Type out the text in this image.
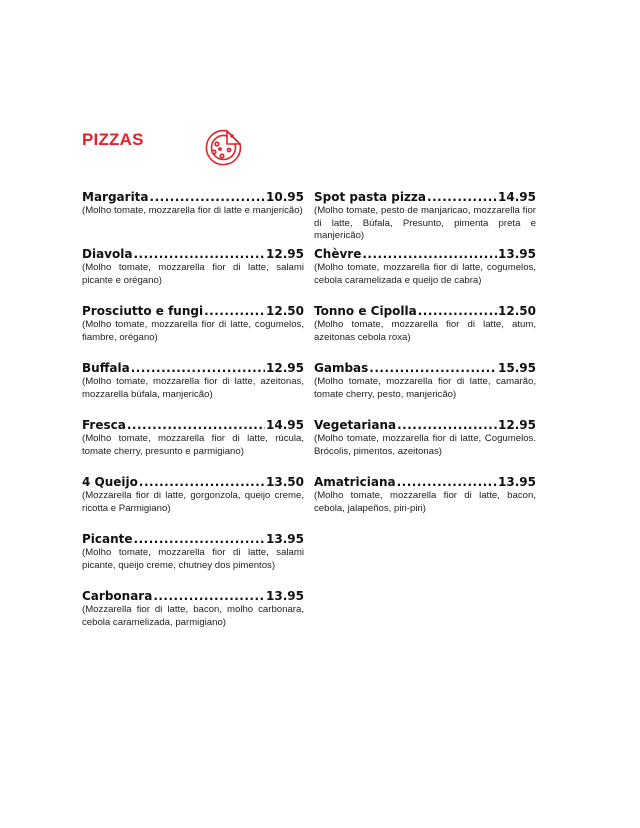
PIZZAS
Margarita .....	10.95
(Molho tomate, mozzarella fior di latte e manjericão)
Diavola .....	12.95
(Molho tomate, mozzarella fior di latte, salami picante e orégano)
Prosciutto e fungi .....	12.50
(Molho tomate, mozzarella fior di latte, cogumelos, fiambre, orégano)
Buffala .....	12.95
(Molho tomate, mozzarella fior di latte, azeitonas, mozzarella búfala, manjericão)
Fresca .....	14.95
(Molho tomate, mozzarella fior di latte, rúcula, tomate cherry, presunto e parmigiano)
4 Queijo .....	13.50
(Mozzarella fior di latte, gorgonzola, queijo creme, ricotta e Parmigiano)
Picante .....	13.95
(Molho tomate, mozzarella fior di latte, salami picante, queijo creme, chutney dos pimentos)
Carbonara .....	13.95
(Mozzarella fior di latte, bacon, molho carbonara, cebola caramelizada, parmigiano)
Spot pasta pizza .....	14.95
(Molho tomate, pesto de manjaricao, mozzarella fior di latte, Búfala, Presunto, pimenta preta e manjericão)
Chèvre .....	13.95
(Molho tomate, mozzarella fior di latte, cogumelos, cebola caramelizada e queijo de cabra)
Tonno e Cipolla .....	12.50
(Molho tomate, mozzarella fior di latte, atum, azeitonas cebola roxa)
Gambas .....	15.95
(Molho tomate, mozzarella fior di latte, camarão, tomate cherry, pesto, manjericão)
Vegetariana .....	12.95
(Molho tomate, mozzarella fior di latte, Cogumelos. Brócolis, pimentos, azeitonas)
Amatriciana .....	13.95
(Molho tomate, mozzarella fior di latte, bacon, cebola, jalapeños, piri-piri)
